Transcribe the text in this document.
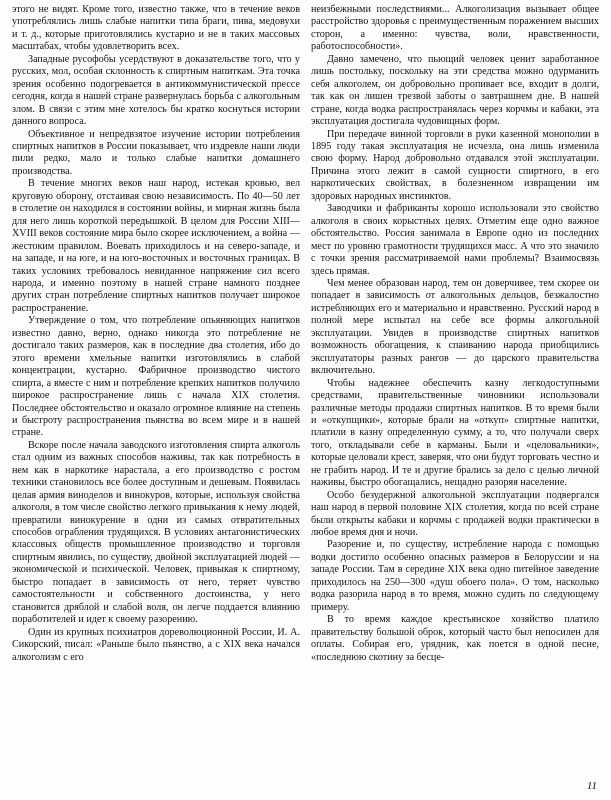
этого не видят. Кроме того, известно также, что в течение веков употреблялись лишь слабые напитки типа браги, пива, медовухи и т. д., которые приготовлялись кустарно и не в таких массовых масштабах, чтобы удовлетворить всех.

Западные русофобы усердствуют в доказательстве того, что у русских, мол, особая склонность к спиртным напиткам. Эта точка зрения особенно подогревается в антикоммунистической прессе сегодня, когда в нашей стране развернулась борьба с алкогольным злом. В связи с этим мне хотелось бы кратко коснуться истории данного вопроса.

Объективное и непредвзятое изучение истории потребления спиртных напитков в России показывает, что издревле наши люди пили редко, мало и только слабые напитки домашнего производства.

В течение многих веков наш народ, истекая кровью, вел круговую оборону, отстаивая свою независимость. По 40—50 лет в столетие он находился в состоянии войны, и мирная жизнь была для него лишь короткой передышкой. В целом для России XIII—XVIII веков состояние мира было скорее исключением, а война — жестоким правилом. Воевать приходилось и на северо-западе, и на западе, и на юге, и на юго-восточных и восточных границах. В таких условиях требовалось невиданное напряжение сил всего народа, и именно поэтому в нашей стране намного позднее других стран потребление спиртных напитков получает широкое распространение.

Утверждение о том, что потребление опьяняющих напитков известно давно, верно, однако никогда это потребление не достигало таких размеров, как в последние два столетия, ибо до этого времени хмельные напитки изготовлялись в слабой концентрации, кустарно. Фабричное производство чистого спирта, а вместе с ним и потребление крепких напитков получило широкое распространение лишь с начала XIX столетия. Последнее обстоятельство и оказало огромное влияние на степень и быстроту распространения пьянства во всем мире и в нашей стране.

Вскоре после начала заводского изготовления спирта алкоголь стал одним из важных способов наживы, так как потребность в нем как в наркотике нарастала, а его производство с ростом техники становилось все более доступным и дешевым. Появилась целая армия виноделов и винокуров, которые, используя свойства алкоголя, в том числе свойство легкого привыкания к нему людей, превратили винокурение в одни из самых отвратительных способов ограбления трудящихся. В условиях антагонистических классовых обществ промышленное производство и торговля спиртным явились, по существу, двойной эксплуатацией людей — экономической и психической. Человек, привыкая к спиртному, быстро попадает в зависимость от него, теряет чувство самостоятельности и собственного достоинства, у него становится дряблой и слабой воля, он легче поддается влиянию поработителей и идет к своему разорению.

Один из крупных психиатров дореволюционной России, И. А. Сикорский, писал: «Раньше было пьянство, а с XIX века начался алкоголизм с его

неизбежными последствиями... Алкоголизация вызывает общее расстройство здоровья с преимущественным поражением высших сторон, а именно: чувства, воли, нравственности, работоспособности».

Давно замечено, что пьющий человек ценит заработанное лишь постольку, поскольку на эти средства можно одурманить себя алкоголем, он добровольно пропивает все, входит в долги, так как он лишен трезвой заботы о завтрашнем дне. В нашей стране, когда водка распространялась через корчмы и кабаки, эта эксплуатация достигала чудовищных форм.

При передаче винной торговли в руки казенной монополии в 1895 году такая эксплуатация не исчезла, она лишь изменила свою форму. Народ добровольно отдавался этой эксплуатации. Причина этого лежит в самой сущности спиртного, в его наркотических свойствах, в болезненном извращении им здоровых народных инстинктов.

Заводчики и фабриканты хорошо использовали это свойство алкоголя в своих корыстных целях. Отметим еще одно важное обстоятельство. Россия занимала в Европе одно из последних мест по уровню грамотности трудящихся масс. А что это значило с точки зрения рассматриваемой нами проблемы? Взаимосвязь здесь прямая.

Чем менее образован народ, тем он доверчивее, тем скорее он попадает в зависимость от алкогольных дельцов, безжалостно истребляющих его и материально и нравственно. Русский народ в полной мере испытал на себе все формы алкогольной эксплуатации. Увидев в производстве спиртных напитков возможность обогащения, к спаиванию народа приобщились эксплуататоры разных рангов — до царского правительства включительно.

Чтобы надежнее обеспечить казну легкодоступными средствами, правительственные чиновники использовали различные методы продажи спиртных напитков. В то время были и «откупщики», которые брали на «откуп» спиртные напитки, платили в казну определенную сумму, а то, что получали сверх того, откладывали себе в карманы. Были и «целовальники», которые целовали крест, заверяя, что они будут торговать честно и не грабить народ. И те и другие брались за дело с целью личной наживы, быстро обогащались, нещадно разоряя население.

Особо безудержной алкогольной эксплуатации подвергался наш народ в первой половине XIX столетия, когда по всей стране были открыты кабаки и корчмы с продажей водки практически в любое время дня и ночи.

Разорение и, по существу, истребление народа с помощью водки достигло особенно опасных размеров в Белоруссии и на западе России. Там в середине XIX века одно питейное заведение приходилось на 250—300 «душ обоего пола». О том, насколько водка разорила народ в то время, можно судить по следующему примеру.

В то время каждое крестьянское хозяйство платило правительству большой оброк, который часто был непосилен для оплаты. Собирая его, урядник, как поется в одной песне, «последнюю скотину за бесце-

11
